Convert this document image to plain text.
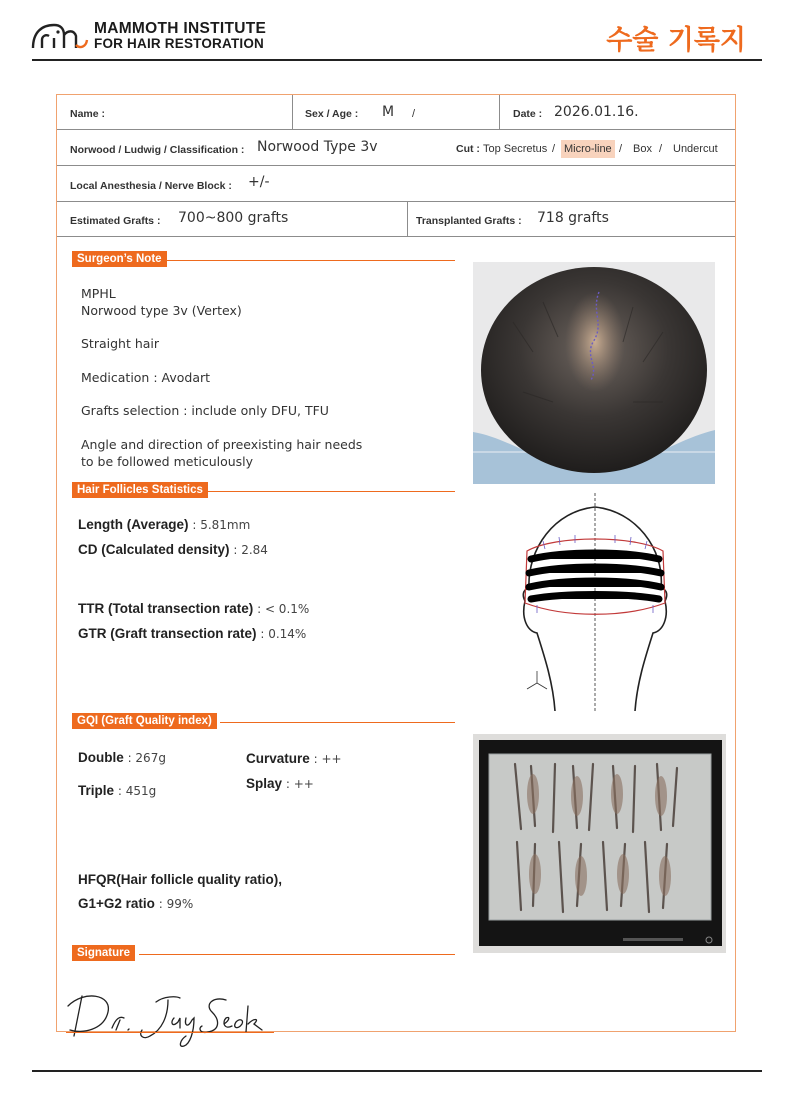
MAMMOTH INSTITUTE
FOR HAIR RESTORATION	수술 기록지
Name :	Sex / Age : M /	Date : 2026.01.16.
Norwood / Ludwig / Classification : Norwood Type 3v	Cut : Top Secretus / Micro-line / Box / Undercut
Local Anesthesia / Nerve Block : +/-
Estimated Grafts : 700~800 grafts	Transplanted Grafts : 718 grafts
Surgeon’s Note
MPHL
Norwood type 3v (Vertex)
Straight hair
Medication : Avodart
Grafts selection : include only DFU, TFU
Angle and direction of preexisting hair needs
to be followed meticulously
Hair Follicles Statistics
Length (Average) : 5.81mm
CD (Calculated density) : 2.84
TTR (Total transection rate) : < 0.1%
GTR (Graft transection rate) : 0.14%
GQI (Graft Quality index)
Double : 267g
Triple : 451g
Curvature : ++
Splay : ++
HFQR(Hair follicle quality ratio),
G1+G2 ratio : 99%
Signature
